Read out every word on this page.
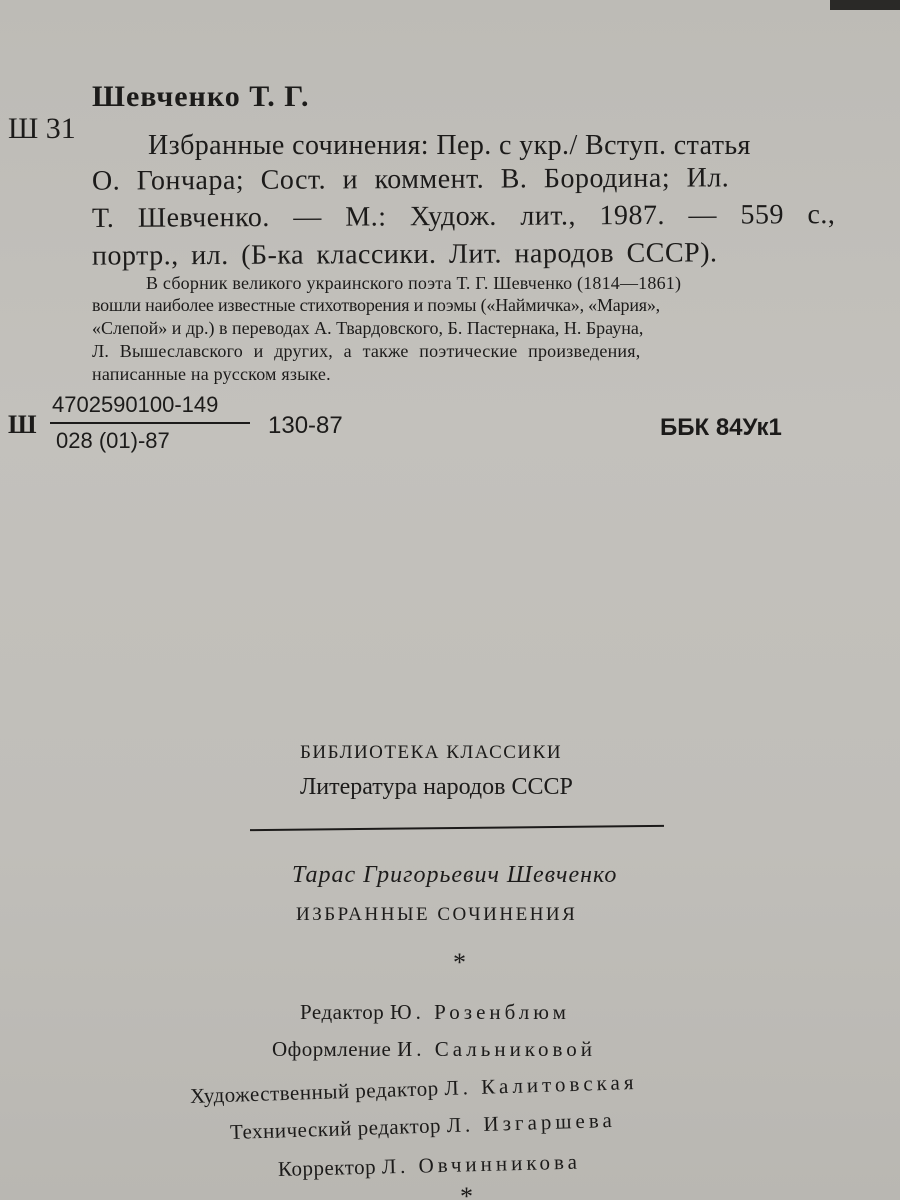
Шевченко Т. Г.
Ш 31
Избранные сочинения: Пер. с укр./ Вступ. статья
О. Гончара; Сост. и коммент. В. Бородина; Ил.
Т. Шевченко. — М.: Худож. лит., 1987. — 559 с.,
портр., ил. (Б-ка классики. Лит. народов СССР).
В сборник великого украинского поэта Т. Г. Шевченко (1814—1861)
вошли наиболее известные стихотворения и поэмы («Наймичка», «Мария»,
«Слепой» и др.) в переводах А. Твардовского, Б. Пастернака, Н. Брауна,
Л. Вышеславского и других, а также поэтические произведения,
написанные на русском языке.
Ш
4702590100-149
028 (01)-87
130-87	ББК 84Ук1
БИБЛИОТЕКА КЛАССИКИ
Литература народов СССР
Тарас Григорьевич Шевченко
ИЗБРАННЫЕ СОЧИНЕНИЯ
*
Редактор Ю. Розенблюм
Оформление И. Сальниковой
Художественный редактор Л. Калитовская
Технический редактор Л. Изгаршева
Корректор Л. Овчинникова
*
